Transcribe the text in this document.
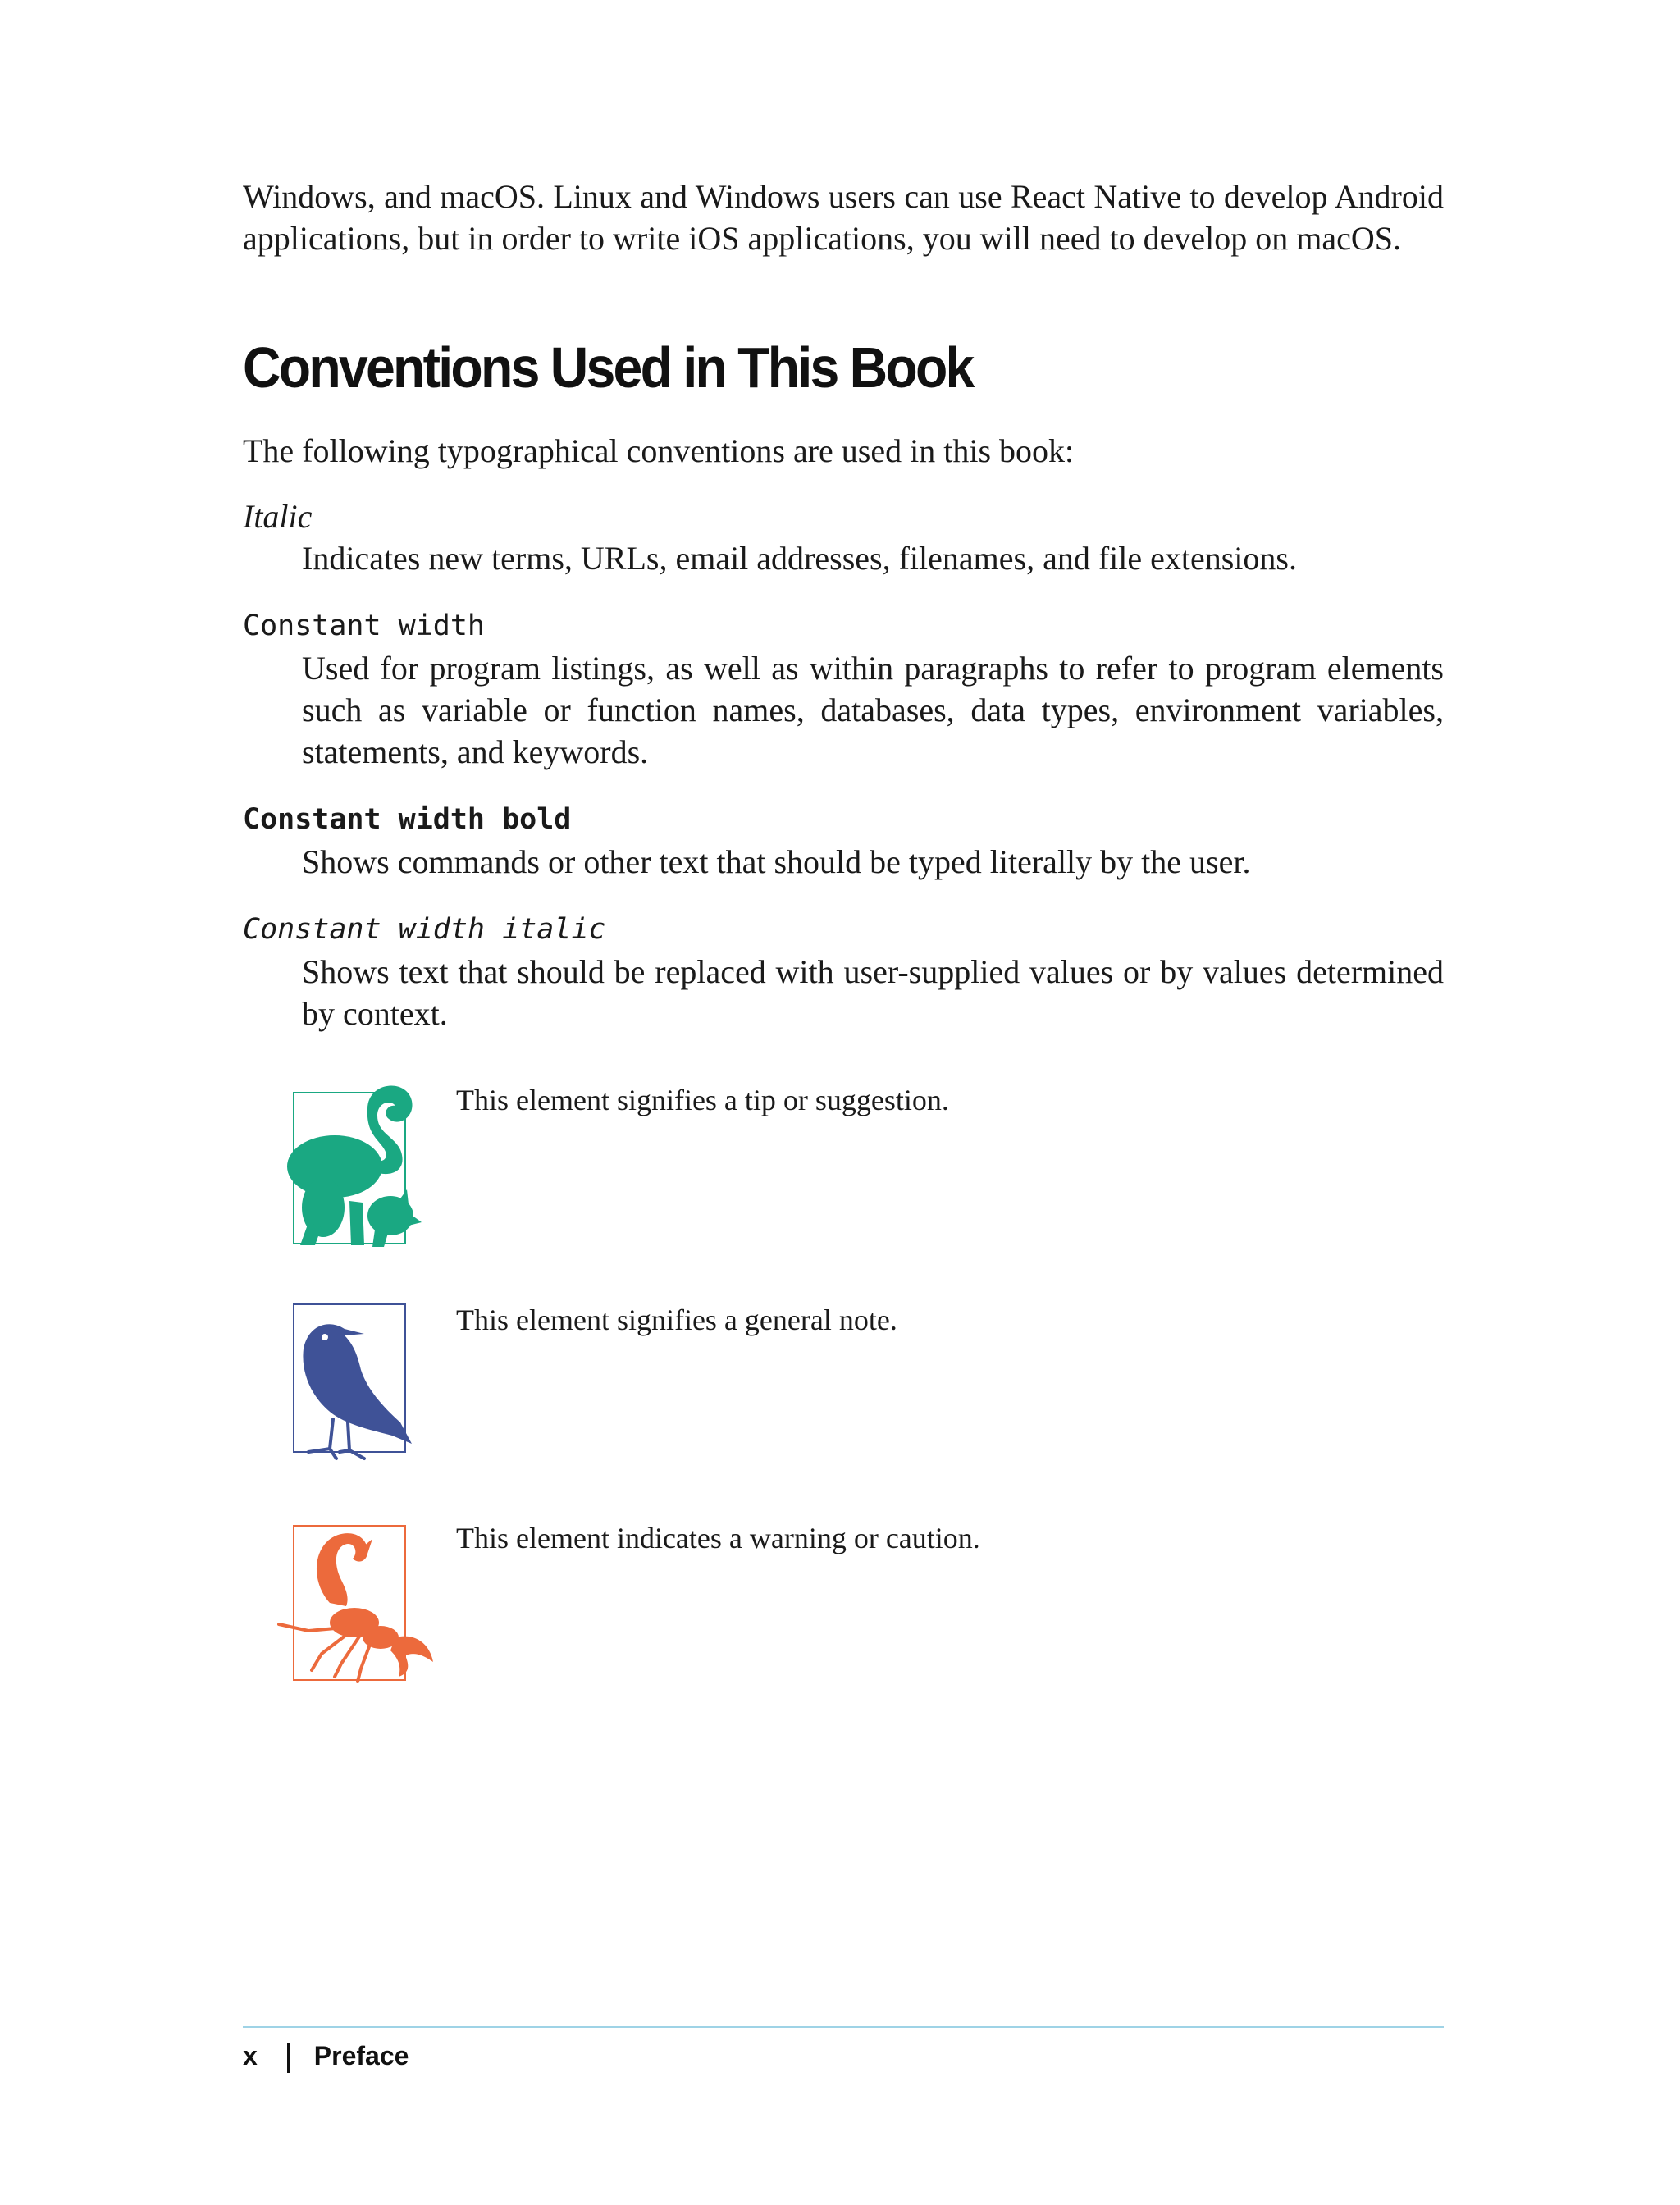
Windows, and macOS. Linux and Windows users can use React Native to develop Android applications, but in order to write iOS applications, you will need to develop on macOS.

Conventions Used in This Book

The following typographical conventions are used in this book:

Italic

Indicates new terms, URLs, email addresses, filenames, and file extensions.

Constant width

Used for program listings, as well as within paragraphs to refer to program elements such as variable or function names, databases, data types, environment variables, statements, and keywords.

Constant width bold

Shows commands or other text that should be typed literally by the user.

Constant width italic

Shows text that should be replaced with user-supplied values or by values determined by context.

This element signifies a tip or suggestion.

This element signifies a general note.

This element indicates a warning or caution.

x Preface
